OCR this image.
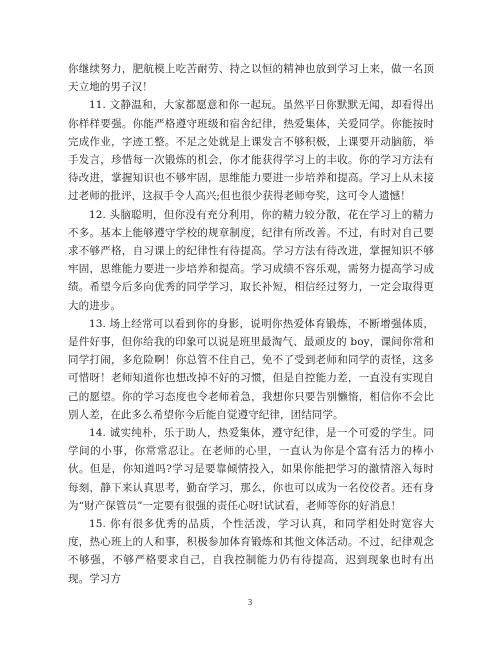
你继续努力，肥航模上吃苦耐劳、持之以恒的精神也放到学习上来，做一名顶天立地的男子汉！

11. 文静温和，大家都愿意和你一起玩。虽然平日你默默无闻，却看得出你样样要强。你能严格遵守班级和宿舍纪律，热爱集体，关爱同学。你能按时完成作业，字迹工整。不足之处就是上课发言不够积极，上课要开动脑筋，举手发言，珍惜每一次锻炼的机会，你才能获得学习上的丰收。你的学习方法有待改进，掌握知识也不够牢固，思维能力要进一步培养和提高。学习上从未接过老师的批评，这叔手令人高兴;但也很少获得老师夸奖，这可令人遗憾！

12. 头脑聪明，但你没有充分利用，你的精力较分散，花在学习上的精力不多。基本上能够遵守学校的规章制度，纪律有所改善。不过，有时对自己要求不够严格，自习课上的纪律性有待提高。学习方法有待改进，掌握知识不够牢固，思维能力要进一步培养和提高。学习成绩不容乐观，需努力提高学习成绩。希望今后多向优秀的同学学习，取长补短，相信经过努力，一定会取得更大的进步。

13. 场上经常可以看到你的身影，说明你热爱体育锻炼，不断增强体质，是件好事，但你给我的印象可以说是班里最淘气、最顽皮的 boy，课间你常和同学打闹，多危险啊！你总管不住自己，免不了受到老师和同学的责怪，这多可惜呀！老师知道你也想改掉不好的习惯，但是自控能力差，一直没有实现自己的愿望。你的学习态度也令老师着急，我想你只要告别懒惰，相信你不会比别人差，在此多么希望你今后能自觉遵守纪律，团结同学。

14. 诚实纯朴，乐于助人，热爱集体，遵守纪律，是一个可爱的学生。同学间的小事，你常常忍让。在老师的心里，一直认为你是个富有活力的棒小伙。但是，你知道吗?学习是要靠倾情投入，如果你能把学习的激情溶入每时每刻，静下来认真思考，勤奋学习，那么，你也可以成为一名佼佼者。还有身为“财产保管员”一定要有很强的责任心呀!试试看，老师等你的好消息！

15. 你有很多优秀的品质，个性活泼，学习认真，和同学相处时宽容大度，热心班上的人和事，积极参加体育锻炼和其他文体活动。不过，纪律观念不够强，不够严格要求自己，自我控制能力仍有待提高，迟到现象也时有出现。学习方

3
